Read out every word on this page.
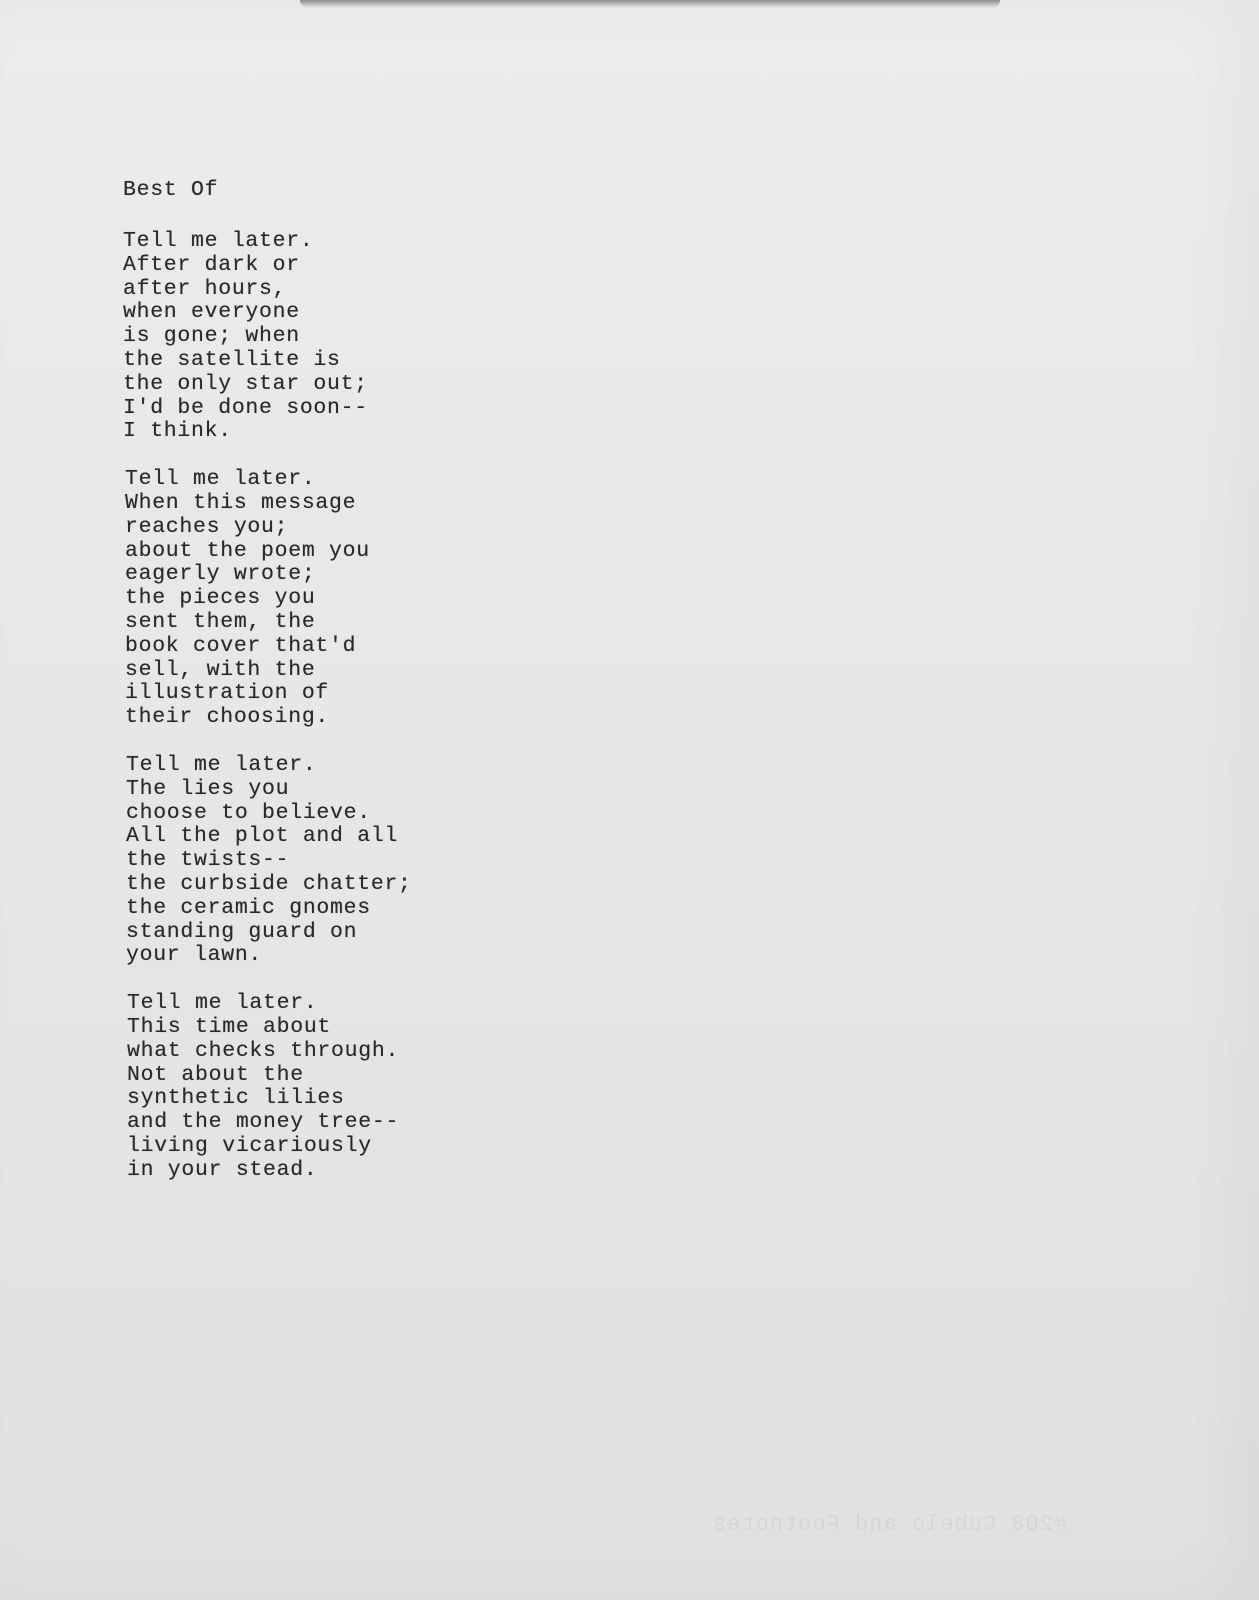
Best Of
Tell me later.
After dark or
after hours,
when everyone
is gone; when
the satellite is
the only star out;
I'd be done soon--
I think.
Tell me later.
When this message
reaches you;
about the poem you
eagerly wrote;
the pieces you
sent them, the
book cover that'd
sell, with the
illustration of
their choosing.
Tell me later.
The lies you
choose to believe.
All the plot and all
the twists--
the curbside chatter;
the ceramic gnomes
standing guard on
your lawn.
Tell me later.
This time about
what checks through.
Not about the
synthetic lilies
and the money tree--
living vicariously
in your stead.
#208 Cubelo and Footnotes
